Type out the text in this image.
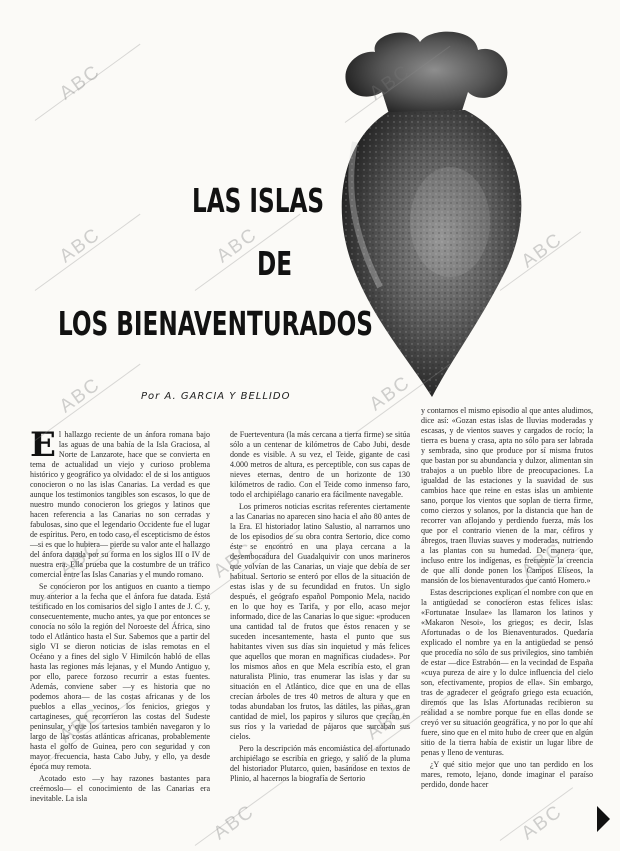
LAS ISLAS
DE
LOS BIENAVENTURADOS
Por A. GARCIA Y BELLIDO

El hallazgo reciente de un ánfora romana bajo las aguas de una bahía de la Isla Graciosa, al Norte de Lanzarote, hace que se convierta en tema de actualidad un viejo y curioso problema histórico y geográfico ya olvidado: el de si los antiguos conocieron o no las islas Canarias. La verdad es que aunque los testimonios tangibles son escasos, lo que de nuestro mundo conocieron los griegos y latinos que hacen referencia a las Canarias no son cerradas y fabulosas, sino que el legendario Occidente fue el lugar de espíritus. Pero, en todo caso, el escepticismo de éstos —si es que lo hubiera— pierde su valor ante el hallazgo del ánfora datada por su forma en los siglos III o IV de nuestra era. Ella prueba que la costumbre de un tráfico comercial entre las Islas Canarias y el mundo romano.

Se conocieron por los antiguos en cuanto a tiempo muy anterior a la fecha que el ánfora fue datada. Está testificado en los comisarios del siglo I antes de J. C. y, consecuentemente, mucho antes, ya que por entonces se conocía no sólo la región del Noroeste del África, sino todo el Atlántico hasta el Sur. Sabemos que a partir del siglo VI se dieron noticias de islas remotas en el Océano y a fines del siglo V Himilcón habló de ellas hasta las regiones más lejanas, y el Mundo Antiguo y, por ello, parece forzoso recurrir a estas fuentes. Además, conviene saber —y es historia que no podemos ahora— de las costas africanas y de los pueblos a ellas vecinos, los fenicios, griegos y cartagineses, que recorrieron las costas del Sudeste peninsular, y que los tartesios también navegaron y lo largo de las costas atlánticas africanas, probablemente hasta el golfo de Guinea, pero con seguridad y con mayor frecuencia, hasta Cabo Juby, y ello, ya desde época muy remota.

Acotado esto —y hay razones bastantes para creérnoslo— el conocimiento de las Canarias era inevitable. La isla

de Fuerteventura (la más cercana a tierra firme) se sitúa sólo a un centenar de kilómetros de Cabo Jubi, desde donde es visible. A su vez, el Teide, gigante de casi 4.000 metros de altura, es perceptible, con sus capas de nieves eternas, dentro de un horizonte de 130 kilómetros de radio. Con el Teide como inmenso faro, todo el archipiélago canario era fácilmente navegable.

Los primeros noticias escritas referentes ciertamente a las Canarias no aparecen sino hacia el año 80 antes de la Era. El historiador latino Salustio, al narrarnos uno de los episodios de su obra contra Sertorio, dice como éste se encontró en una playa cercana a la desembocadura del Guadalquivir con unos marineros que volvían de las Canarias, un viaje que debía de ser habitual. Sertorio se enteró por ellos de la situación de estas islas y de su fecundidad en frutos. Un siglo después, el geógrafo español Pomponio Mela, nacido en lo que hoy es Tarifa, y por ello, acaso mejor informado, dice de las Canarias lo que sigue: «producen una cantidad tal de frutos que éstos renacen y se suceden incesantemente, hasta el punto que sus habitantes viven sus días sin inquietud y más felices que aquellos que moran en magníficas ciudades». Por los mismos años en que Mela escribía esto, el gran naturalista Plinio, tras enumerar las islas y dar su situación en el Atlántico, dice que en una de ellas crecían árboles de tres 40 metros de altura y que en todas abundaban los frutos, las dátiles, las piñas, gran cantidad de miel, los papiros y siluros que crecían en sus ríos y la variedad de pájaros que surcaban sus cielos.

Pero la descripción más encomiástica del afortunado archipiélago se escribía en griego, y salió de la pluma del historiador Plutarco, quien, basándose en textos de Plinio, al hacernos la biografía de Sertorio

y contarnos el mismo episodio al que antes aludimos, dice así: «Gozan estas islas de lluvias moderadas y escasas, y de vientos suaves y cargados de rocío; la tierra es buena y crasa, apta no sólo para ser labrada y sembrada, sino que produce por sí misma frutos que bastan por su abundancia y dulzor, alimentan sin trabajos a un pueblo libre de preocupaciones. La igualdad de las estaciones y la suavidad de sus cambios hace que reine en estas islas un ambiente sano, porque los vientos que soplan de tierra firme, como cierzos y solanos, por la distancia que han de recorrer van aflojando y perdiendo fuerza, más los que por el contrario vienen de la mar, céfiros y ábregos, traen lluvias suaves y moderadas, nutriendo a las plantas con su humedad. De manera que, incluso entre los indígenas, es frecuente la creencia de que allí donde ponen los Campos Elíseos, la mansión de los bienaventurados que cantó Homero.»

Estas descripciones explican el nombre con que en la antigüedad se conocieron estas felices islas: «Fortunatae Insulae» las llamaron los latinos y «Makaron Nesoi», los griegos; es decir, Islas Afortunadas o de los Bienaventurados. Quedaría explicado el nombre ya en la antigüedad se pensó que procedía no sólo de sus privilegios, sino también de estar —dice Estrabón— en la vecindad de España «cuya pureza de aire y lo dulce influencia del cielo son, efectivamente, propios de ella». Sin embargo, tras de agradecer el geógrafo griego esta ecuación, diremos que las Islas Afortunadas recibieron su realidad a se nombre porque fue en ellas donde se creyó ver su situación geográfica, y no por lo que ahí fuere, sino que en el mito hubo de creer que en algún sitio de la tierra había de existir un lugar libre de penas y lleno de venturas.

¿Y qué sitio mejor que uno tan perdido en los mares, remoto, lejano, donde imaginar el paraíso perdido, donde hacer

ABC	ABC
ABC	ABC	ABC
ABC	ABC
ABC	ABC	ABC
ABC	ABC
ABC
ABC
